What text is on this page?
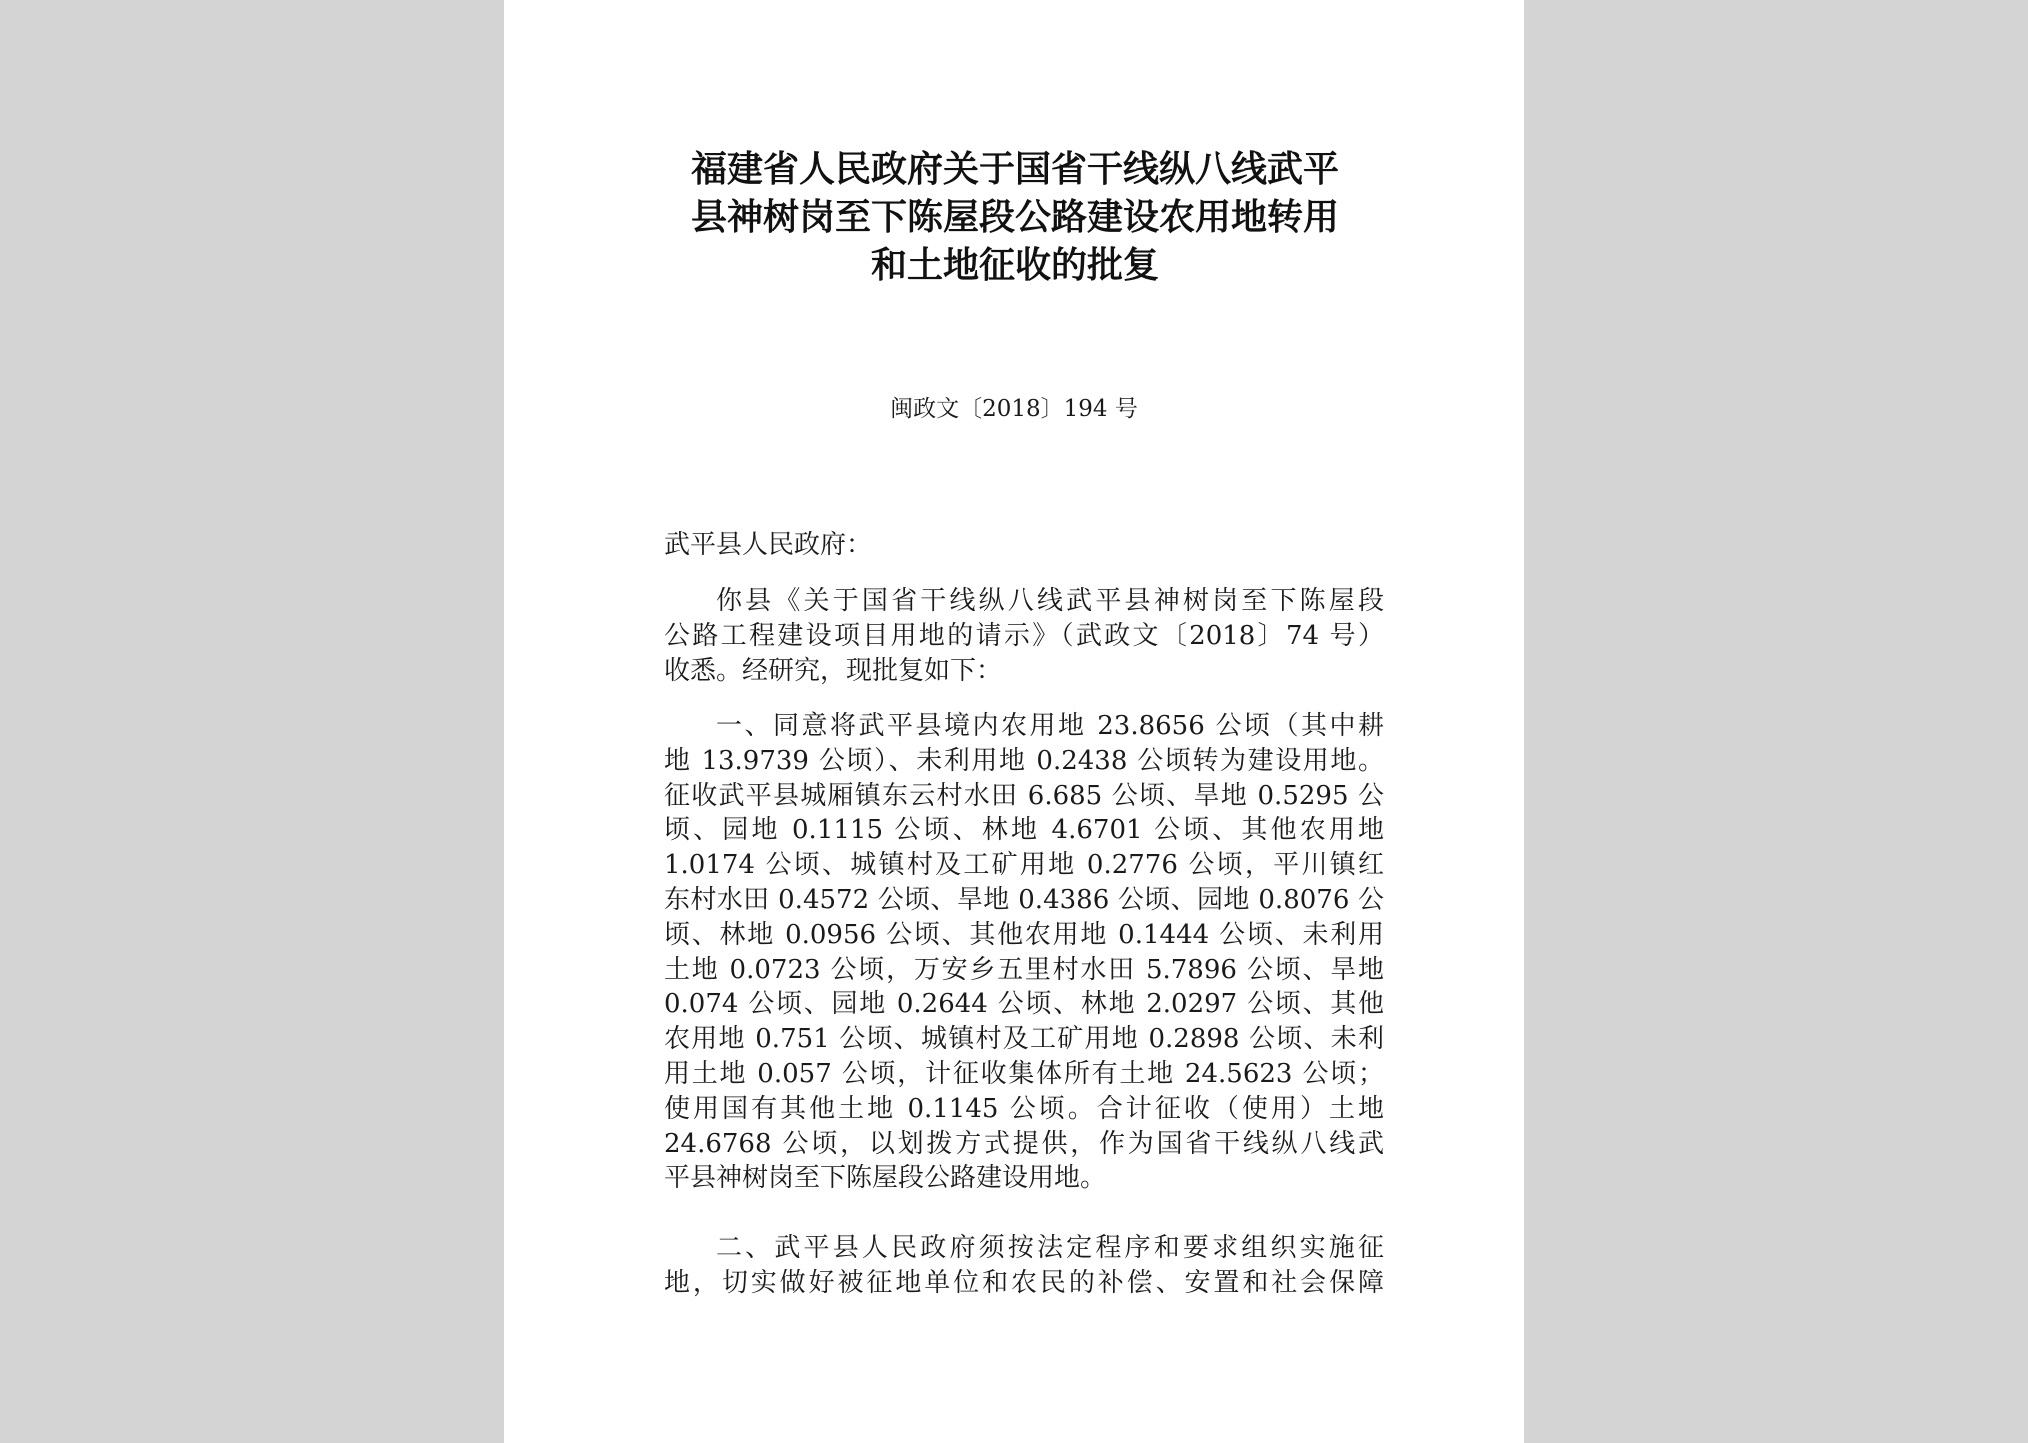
福建省人民政府关于国省干线纵八线武平
县神树岗至下陈屋段公路建设农用地转用
和土地征收的批复
闽政文〔2018〕194 号
武平县人民政府：
你县《关于国省干线纵八线武平县神树岗至下陈屋段
公路工程建设项目用地的请示》（武政文〔2018〕74 号）
收悉。经研究，现批复如下：
一、同意将武平县境内农用地 23.8656 公顷（其中耕
地 13.9739 公顷）、未利用地 0.2438 公顷转为建设用地。
征收武平县城厢镇东云村水田 6.685 公顷、旱地 0.5295 公
顷、园地 0.1115 公顷、林地 4.6701 公顷、其他农用地
1.0174 公顷、城镇村及工矿用地 0.2776 公顷，平川镇红
东村水田 0.4572 公顷、旱地 0.4386 公顷、园地 0.8076 公
顷、林地 0.0956 公顷、其他农用地 0.1444 公顷、未利用
土地 0.0723 公顷，万安乡五里村水田 5.7896 公顷、旱地
0.074 公顷、园地 0.2644 公顷、林地 2.0297 公顷、其他
农用地 0.751 公顷、城镇村及工矿用地 0.2898 公顷、未利
用土地 0.057 公顷，计征收集体所有土地 24.5623 公顷；
使用国有其他土地 0.1145 公顷。合计征收（使用）土地
24.6768 公顷，以划拨方式提供，作为国省干线纵八线武
平县神树岗至下陈屋段公路建设用地。
二、武平县人民政府须按法定程序和要求组织实施征
地，切实做好被征地单位和农民的补偿、安置和社会保障
